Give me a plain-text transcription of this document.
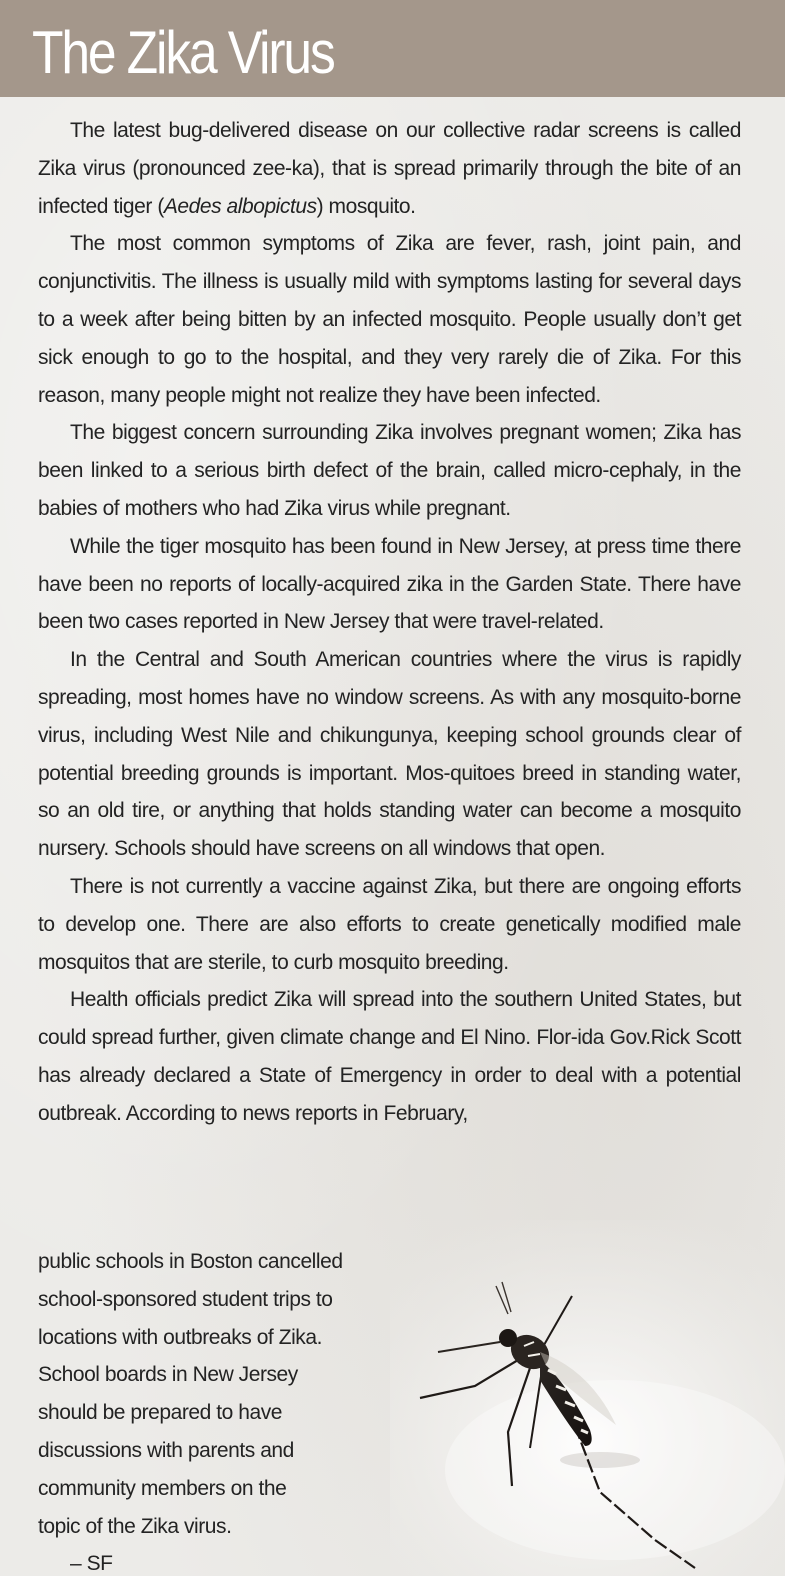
The Zika Virus

The latest bug-delivered disease on our collective radar screens is called Zika virus (pronounced zee-ka), that is spread primarily through the bite of an infected tiger (Aedes albopictus) mosquito.

The most common symptoms of Zika are fever, rash, joint pain, and conjunctivitis. The illness is usually mild with symptoms lasting for several days to a week after being bitten by an infected mosquito. People usually don’t get sick enough to go to the hospital, and they very rarely die of Zika. For this reason, many people might not realize they have been infected.

The biggest concern surrounding Zika involves pregnant women; Zika has been linked to a serious birth defect of the brain, called micro-cephaly, in the babies of mothers who had Zika virus while pregnant.

While the tiger mosquito has been found in New Jersey, at press time there have been no reports of locally-acquired zika in the Garden State. There have been two cases reported in New Jersey that were travel-related.

In the Central and South American countries where the virus is rapidly spreading, most homes have no window screens. As with any mosquito-borne virus, including West Nile and chikungunya, keeping school grounds clear of potential breeding grounds is important. Mos-quitoes breed in standing water, so an old tire, or anything that holds standing water can become a mosquito nursery. Schools should have screens on all windows that open.

There is not currently a vaccine against Zika, but there are ongoing efforts to develop one. There are also efforts to create genetically modified male mosquitos that are sterile, to curb mosquito breeding.

Health officials predict Zika will spread into the southern United States, but could spread further, given climate change and El Nino. Flor-ida Gov.Rick Scott has already declared a State of Emergency in order to deal with a potential outbreak. According to news reports in February,

public schools in Boston cancelled
school-sponsored student trips to
locations with outbreaks of Zika.
School boards in New Jersey
should be prepared to have
discussions with parents and
community members on the
topic of the Zika virus.
– SF
